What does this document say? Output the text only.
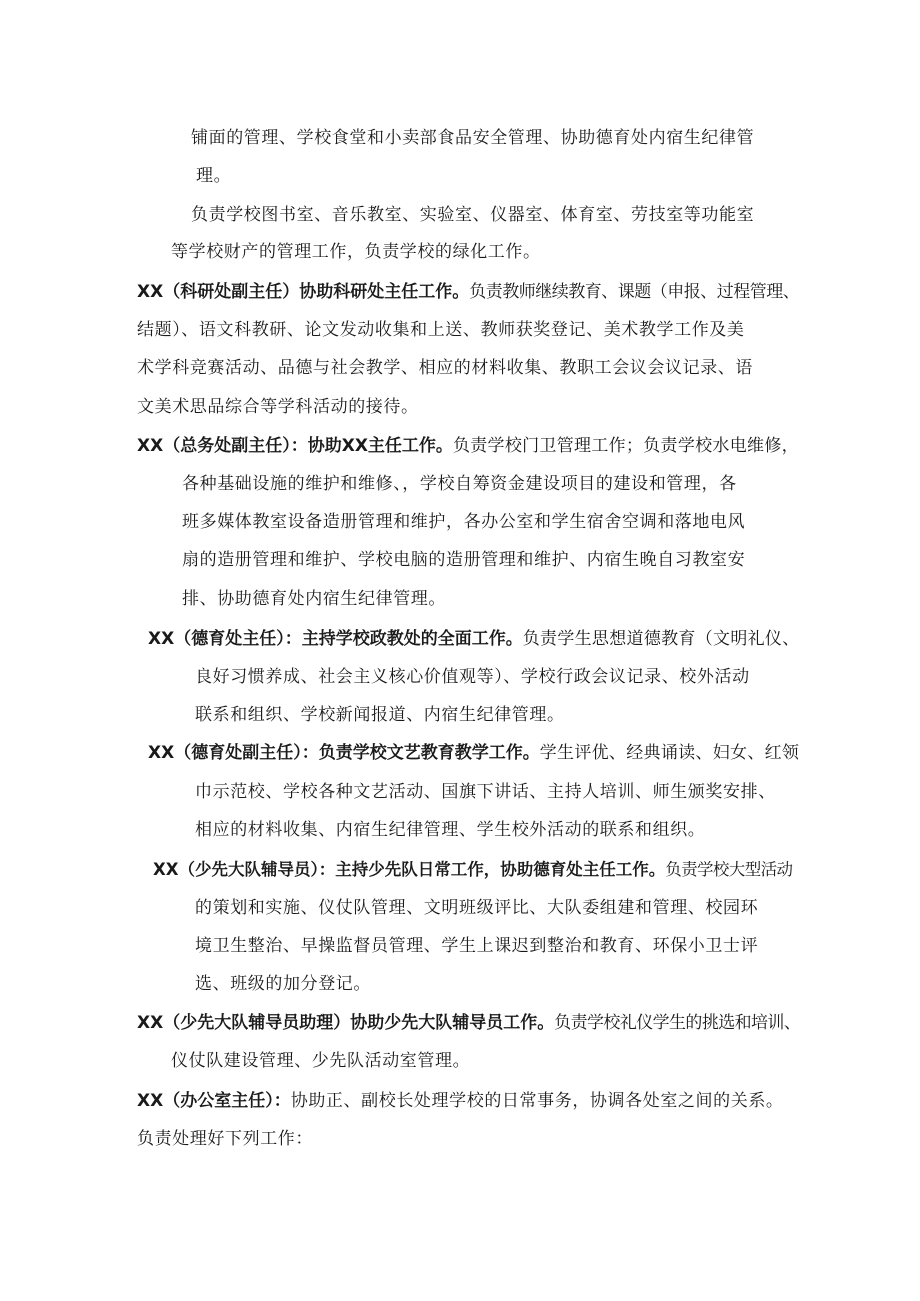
铺面的管理、学校食堂和小卖部食品安全管理、协助德育处内宿生纪律管
理。
负责学校图书室、音乐教室、实验室、仪器室、体育室、劳技室等功能室
等学校财产的管理工作，负责学校的绿化工作。
XX（科研处副主任）协助科研处主任工作。负责教师继续教育、课题（申报、过程管理、
结题）、语文科教研、论文发动收集和上送、教师获奖登记、美术教学工作及美
术学科竞赛活动、品德与社会教学、相应的材料收集、教职工会议会议记录、语
文美术思品综合等学科活动的接待。
XX（总务处副主任）：协助XX主任工作。负责学校门卫管理工作；负责学校水电维修，
各种基础设施的维护和维修、，学校自筹资金建设项目的建设和管理，各
班多媒体教室设备造册管理和维护，各办公室和学生宿舍空调和落地电风
扇的造册管理和维护、学校电脑的造册管理和维护、内宿生晚自习教室安
排、协助德育处内宿生纪律管理。
XX（德育处主任）：主持学校政教处的全面工作。负责学生思想道德教育（文明礼仪、
良好习惯养成、社会主义核心价值观等）、学校行政会议记录、校外活动
联系和组织、学校新闻报道、内宿生纪律管理。
XX（德育处副主任）：负责学校文艺教育教学工作。学生评优、经典诵读、妇女、红领
巾示范校、学校各种文艺活动、国旗下讲话、主持人培训、师生颁奖安排、
相应的材料收集、内宿生纪律管理、学生校外活动的联系和组织。
XX（少先大队辅导员）：主持少先队日常工作，协助德育处主任工作。负责学校大型活动
的策划和实施、仪仗队管理、文明班级评比、大队委组建和管理、校园环
境卫生整治、早操监督员管理、学生上课迟到整治和教育、环保小卫士评
选、班级的加分登记。
XX（少先大队辅导员助理）协助少先大队辅导员工作。负责学校礼仪学生的挑选和培训、
仪仗队建设管理、少先队活动室管理。
XX（办公室主任）：协助正、副校长处理学校的日常事务，协调各处室之间的关系。
负责处理好下列工作：
